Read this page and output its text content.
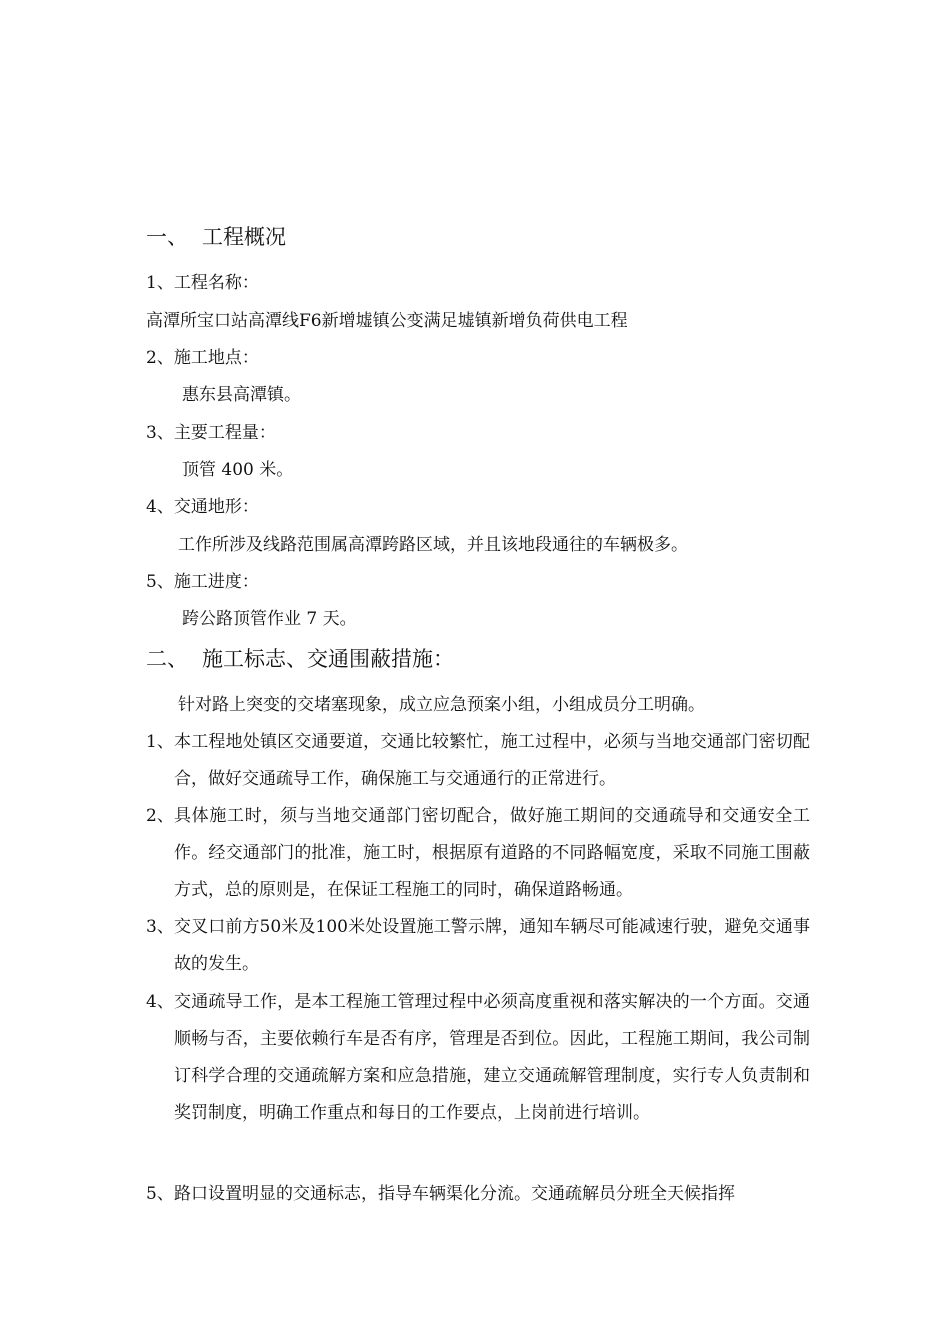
一、 工程概况
1、工程名称：
高潭所宝口站高潭线F6新增墟镇公变满足墟镇新增负荷供电工程
2、施工地点：
惠东县高潭镇。
3、主要工程量：
顶管 400 米。
4、交通地形：
工作所涉及线路范围属高潭跨路区域，并且该地段通往的车辆极多。
5、施工进度：
跨公路顶管作业 7 天。
二、 施工标志、交通围蔽措施：
针对路上突变的交堵塞现象，成立应急预案小组，小组成员分工明确。
1、 本工程地处镇区交通要道，交通比较繁忙，施工过程中，必须与当地交通部门密切配合，做好交通疏导工作，确保施工与交通通行的正常进行。
2、 具体施工时，须与当地交通部门密切配合，做好施工期间的交通疏导和交通安全工作。经交通部门的批准，施工时，根据原有道路的不同路幅宽度，采取不同施工围蔽方式，总的原则是，在保证工程施工的同时，确保道路畅通。
3、 交叉口前方50米及100米处设置施工警示牌，通知车辆尽可能减速行驶，避免交通事故的发生。
4、 交通疏导工作，是本工程施工管理过程中必须高度重视和落实解决的一个方面。交通顺畅与否，主要依赖行车是否有序，管理是否到位。因此，工程施工期间，我公司制订科学合理的交通疏解方案和应急措施，建立交通疏解管理制度，实行专人负责制和奖罚制度，明确工作重点和每日的工作要点，上岗前进行培训。
5、 路口设置明显的交通标志，指导车辆渠化分流。交通疏解员分班全天候指挥
